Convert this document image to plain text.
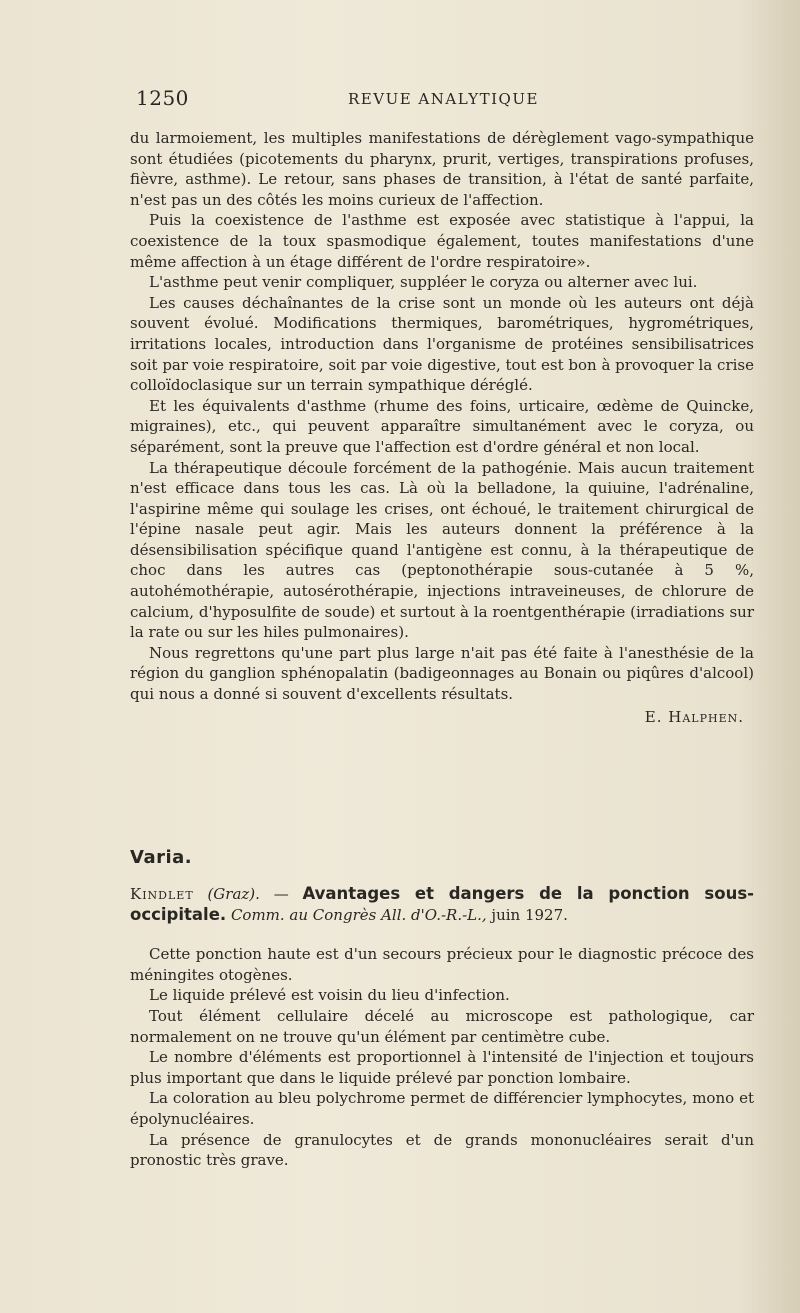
1250	REVUE ANALYTIQUE

du larmoiement, les multiples manifestations de dérèglement vago-sympathique sont étudiées (picotements du pharynx, prurit, vertiges, transpirations profuses, fièvre, asthme). Le retour, sans phases de transition, à l'état de santé parfaite, n'est pas un des côtés les moins curieux de l'affection.

Puis la coexistence de l'asthme est exposée avec statistique à l'appui, la coexistence de la toux spasmodique également, toutes manifestations d'une même affection à un étage différent de l'ordre respiratoire».

L'asthme peut venir compliquer, suppléer le coryza ou alterner avec lui.

Les causes déchaînantes de la crise sont un monde où les auteurs ont déjà souvent évolué. Modifications thermiques, barométriques, hygrométriques, irritations locales, introduction dans l'organisme de protéines sensibilisatrices soit par voie respiratoire, soit par voie digestive, tout est bon à provoquer la crise colloïdoclasique sur un terrain sympathique déréglé.

Et les équivalents d'asthme (rhume des foins, urticaire, œdème de Quincke, migraines), etc., qui peuvent apparaître simultanément avec le coryza, ou séparément, sont la preuve que l'affection est d'ordre général et non local.

La thérapeutique découle forcément de la pathogénie. Mais aucun traitement n'est efficace dans tous les cas. Là où la belladone, la quiuine, l'adrénaline, l'aspirine même qui soulage les crises, ont échoué, le traitement chirurgical de l'épine nasale peut agir. Mais les auteurs donnent la préférence à la désensibilisation spécifique quand l'antigène est connu, à la thérapeutique de choc dans les autres cas (peptonothérapie sous-cutanée à 5 %, autohémothérapie, autosérothérapie, injections intraveineuses, de chlorure de calcium, d'hyposulfite de soude) et surtout à la roentgenthérapie (irradiations sur la rate ou sur les hiles pulmonaires).

Nous regrettons qu'une part plus large n'ait pas été faite à l'anesthésie de la région du ganglion sphénopalatin (badigeonnages au Bonain ou piqûres d'alcool) qui nous a donné si souvent d'excellents résultats.

E. Halphen.
Varia.

Kindlet (Graz). — Avantages et dangers de la ponction sous-occipitale. Comm. au Congrès All. d'O.-R.-L., juin 1927.

Cette ponction haute est d'un secours précieux pour le diagnostic précoce des méningites otogènes.

Le liquide prélevé est voisin du lieu d'infection.

Tout élément cellulaire décelé au microscope est pathologique, car normalement on ne trouve qu'un élément par centimètre cube.

Le nombre d'éléments est proportionnel à l'intensité de l'injection et toujours plus important que dans le liquide prélevé par ponction lombaire.

La coloration au bleu polychrome permet de différencier lymphocytes, mono et épolynucléaires.

La présence de granulocytes et de grands mononucléaires serait d'un pronostic très grave.
